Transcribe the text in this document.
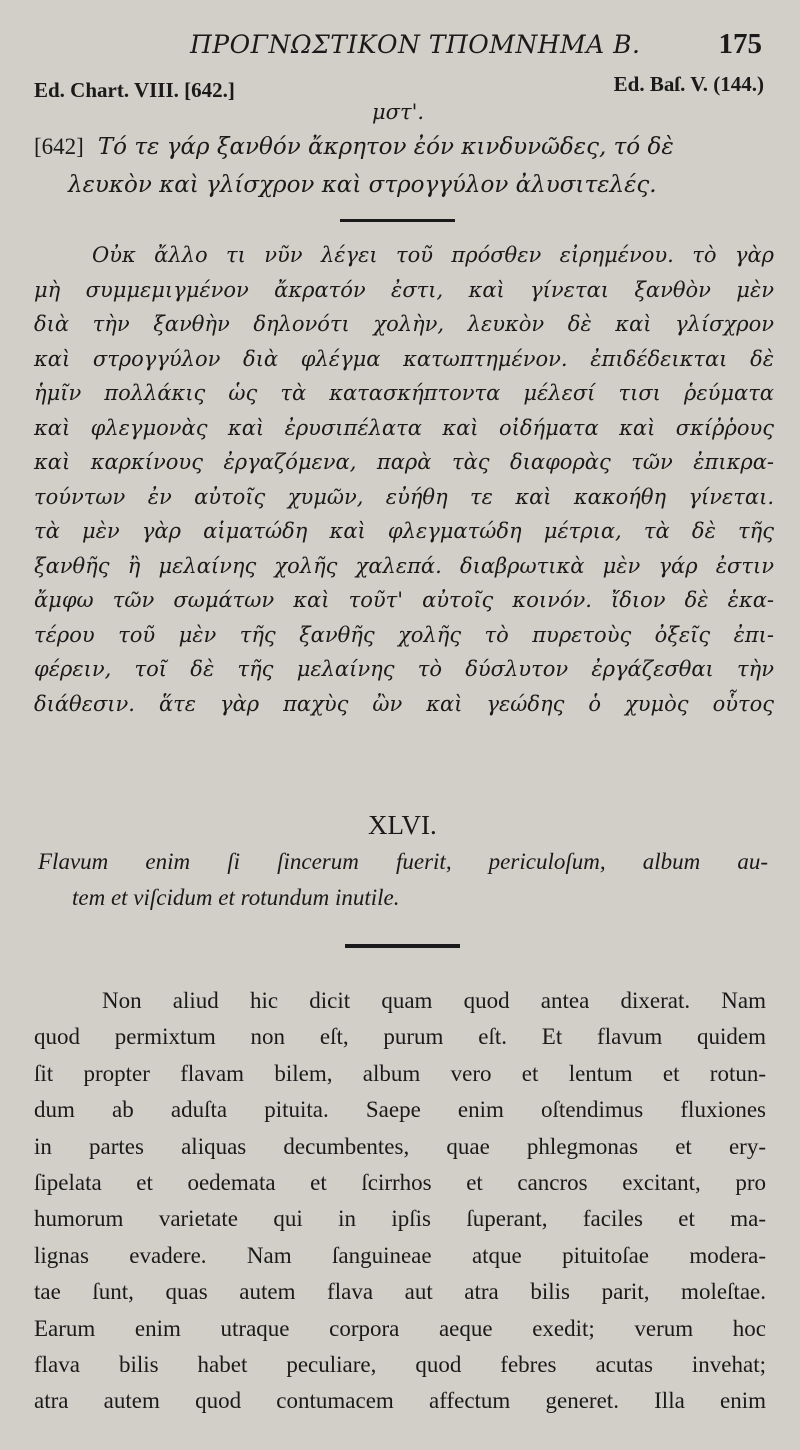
ΠΡΟΓΝΩΣΤΙΚΟΝ ΤΠΟΜΝΗΜΑ Β.	175
Ed. Chart. VIII. [642.]	Ed. Baſ. V. (144.)
μστ'.
[642] Τό τε γάρ ξανθόν ἄκρητον ἐόν κινδυνῶδες, τό δὲ
λευκὸν καὶ γλίσχρον καὶ στρογγύλον ἀλυσιτελές.
Οὐκ ἄλλο τι νῦν λέγει τοῦ πρόσθεν εἰρημένου. τὸ γὰρ
μὴ συμμεμιγμένον ἄκρατόν ἐστι, καὶ γίνεται ξανθὸν μὲν
διὰ τὴν ξανθὴν δηλονότι χολὴν, λευκὸν δὲ καὶ γλίσχρον
καὶ στρογγύλον διὰ φλέγμα κατωπτημένον. ἐπιδέδεικται δὲ
ἡμῖν πολλάκις ὡς τὰ κατασκήπτοντα μέλεσί τισι ῥεύματα
καὶ φλεγμονὰς καὶ ἐρυσιπέλατα καὶ οἰδήματα καὶ σκίῤῥους
καὶ καρκίνους ἐργαζόμενα, παρὰ τὰς διαφορὰς τῶν ἐπικρα-
τούντων ἐν αὐτοῖς χυμῶν, εὐήθη τε καὶ κακοήθη γίνεται.
τὰ μὲν γὰρ αἱματώδη καὶ φλεγματώδη μέτρια, τὰ δὲ τῆς
ξανθῆς ἢ μελαίνης χολῆς χαλεπά. διαβρωτικὰ μὲν γάρ ἐστιν
ἄμφω τῶν σωμάτων καὶ τοῦτ' αὐτοῖς κοινόν. ἴδιον δὲ ἑκα-
τέρου τοῦ μὲν τῆς ξανθῆς χολῆς τὸ πυρετοὺς ὀξεῖς ἐπι-
φέρειν, τοῖ δὲ τῆς μελαίνης τὸ δύσλυτον ἐργάζεσθαι τὴν
διάθεσιν. ἅτε γὰρ παχὺς ὢν καὶ γεώδης ὁ χυμὸς οὗτος
XLVI.
Flavum enim ſi ſincerum fuerit, periculoſum, album au-
tem et viſcidum et rotundum inutile.
Non aliud hic dicit quam quod antea dixerat. Nam
quod permixtum non eſt, purum eſt. Et flavum quidem
ſit propter flavam bilem, album vero et lentum et rotun-
dum ab aduſta pituita. Saepe enim oſtendimus fluxiones
in partes aliquas decumbentes, quae phlegmonas et ery-
ſipelata et oedemata et ſcirrhos et cancros excitant, pro
humorum varietate qui in ipſis ſuperant, faciles et ma-
lignas evadere. Nam ſanguineae atque pituitoſae modera-
tae ſunt, quas autem flava aut atra bilis parit, moleſtae.
Earum enim utraque corpora aeque exedit; verum hoc
flava bilis habet peculiare, quod febres acutas invehat;
atra autem quod contumacem affectum generet. Illa enim
